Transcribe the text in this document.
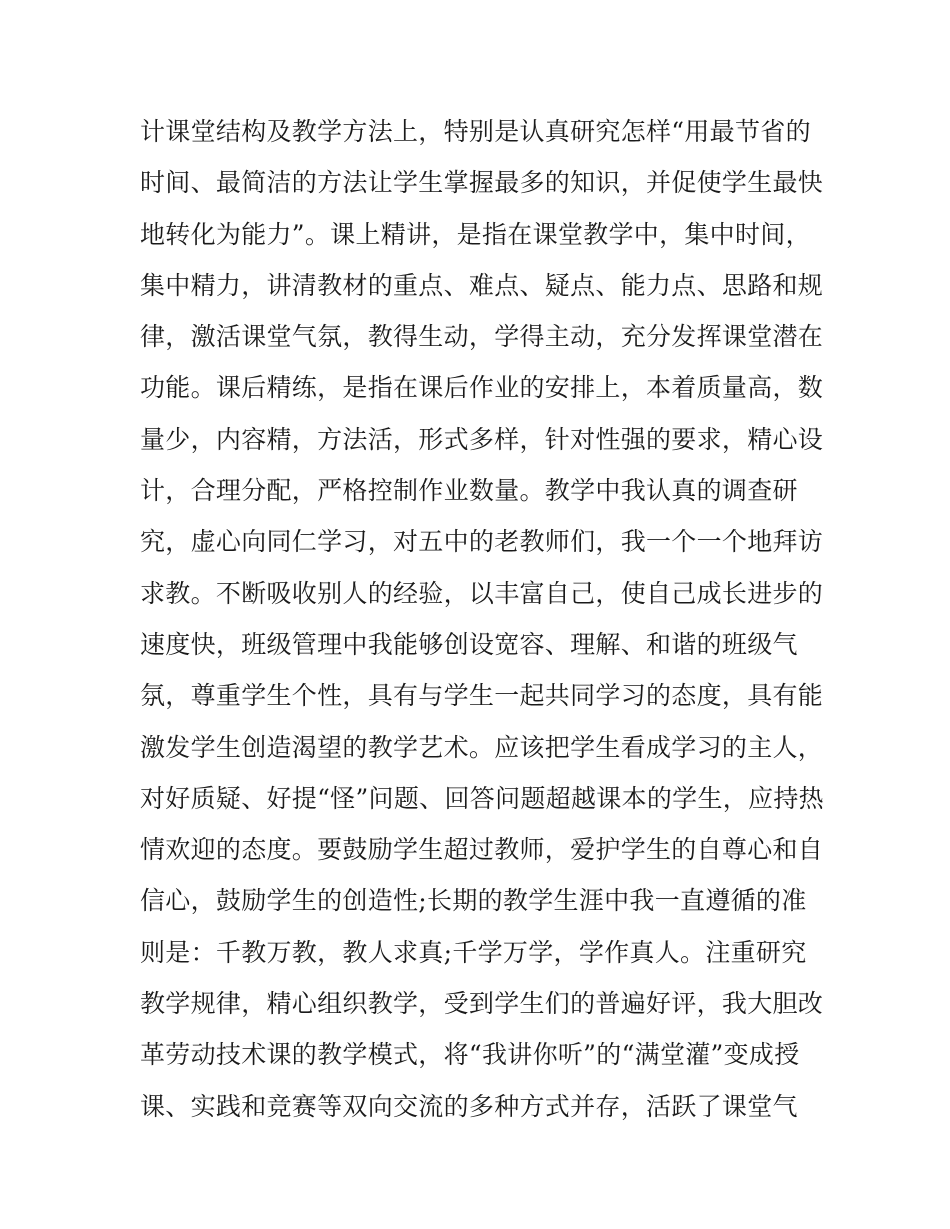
计课堂结构及教学方法上，特别是认真研究怎样“用最节省的
时间、最简洁的方法让学生掌握最多的知识，并促使学生最快
地转化为能力”。课上精讲，是指在课堂教学中，集中时间，
集中精力，讲清教材的重点、难点、疑点、能力点、思路和规
律，激活课堂气氛，教得生动，学得主动，充分发挥课堂潜在
功能。课后精练，是指在课后作业的安排上，本着质量高，数
量少，内容精，方法活，形式多样，针对性强的要求，精心设
计，合理分配，严格控制作业数量。教学中我认真的调查研
究，虚心向同仁学习，对五中的老教师们，我一个一个地拜访
求教。不断吸收别人的经验，以丰富自己，使自己成长进步的
速度快，班级管理中我能够创设宽容、理解、和谐的班级气
氛，尊重学生个性，具有与学生一起共同学习的态度，具有能
激发学生创造渴望的教学艺术。应该把学生看成学习的主人，
对好质疑、好提“怪”问题、回答问题超越课本的学生，应持热
情欢迎的态度。要鼓励学生超过教师，爱护学生的自尊心和自
信心，鼓励学生的创造性;长期的教学生涯中我一直遵循的准
则是：千教万教，教人求真;千学万学，学作真人。注重研究
教学规律，精心组织教学，受到学生们的普遍好评，我大胆改
革劳动技术课的教学模式，将“我讲你听”的“满堂灌”变成授
课、实践和竞赛等双向交流的多种方式并存，活跃了课堂气
